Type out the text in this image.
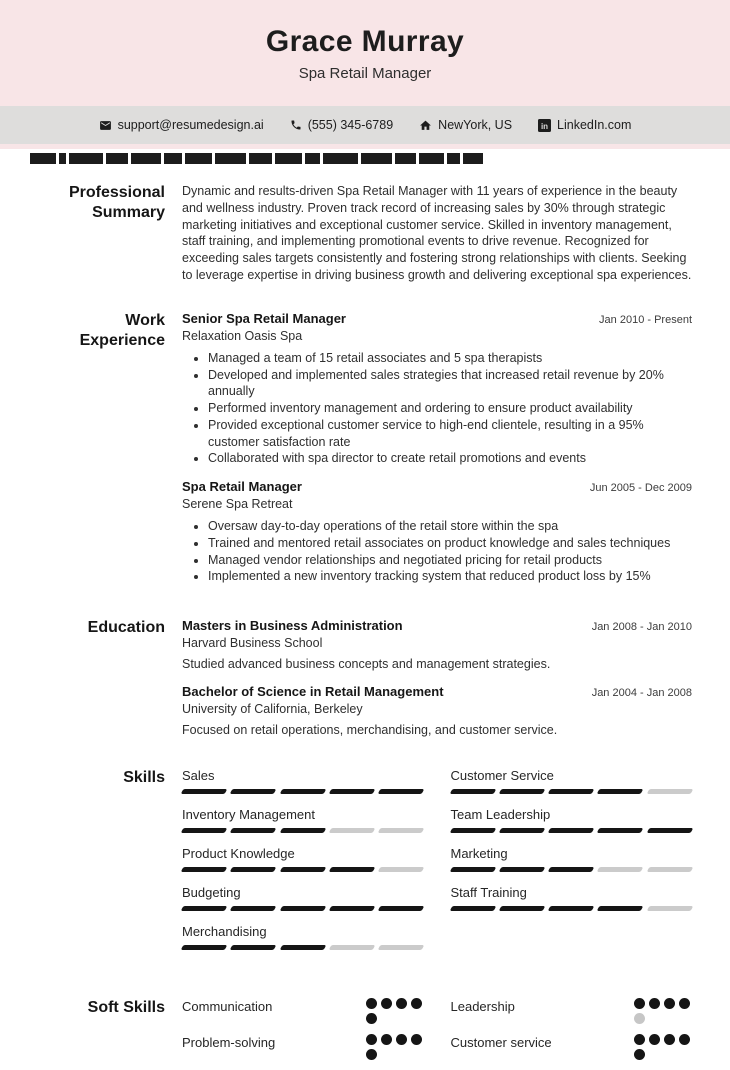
Grace Murray
Spa Retail Manager
support@resumedesign.ai	(555) 345-6789	NewYork, US	in LinkedIn.com
Professional Summary
Dynamic and results-driven Spa Retail Manager with 11 years of experience in the beauty and wellness industry. Proven track record of increasing sales by 30% through strategic marketing initiatives and exceptional customer service. Skilled in inventory management, staff training, and implementing promotional events to drive revenue. Recognized for exceeding sales targets consistently and fostering strong relationships with clients. Seeking to leverage expertise in driving business growth and delivering exceptional spa experiences.
Work Experience
Senior Spa Retail Manager	Jan 2010 - Present
Relaxation Oasis Spa
• Managed a team of 15 retail associates and 5 spa therapists
• Developed and implemented sales strategies that increased retail revenue by 20% annually
• Performed inventory management and ordering to ensure product availability
• Provided exceptional customer service to high-end clientele, resulting in a 95% customer satisfaction rate
• Collaborated with spa director to create retail promotions and events
Spa Retail Manager	Jun 2005 - Dec 2009
Serene Spa Retreat
• Oversaw day-to-day operations of the retail store within the spa
• Trained and mentored retail associates on product knowledge and sales techniques
• Managed vendor relationships and negotiated pricing for retail products
• Implemented a new inventory tracking system that reduced product loss by 15%
Education	Masters in Business Administration	Jan 2008 - Jan 2010
Harvard Business School
Studied advanced business concepts and management strategies.
Bachelor of Science in Retail Management	Jan 2004 - Jan 2008
University of California, Berkeley
Focused on retail operations, merchandising, and customer service.
Skills	Sales	Customer Service
Inventory Management	Team Leadership
Product Knowledge	Marketing
Budgeting	Staff Training
Merchandising
Soft Skills	Communication	Leadership
Problem-solving	Customer service
